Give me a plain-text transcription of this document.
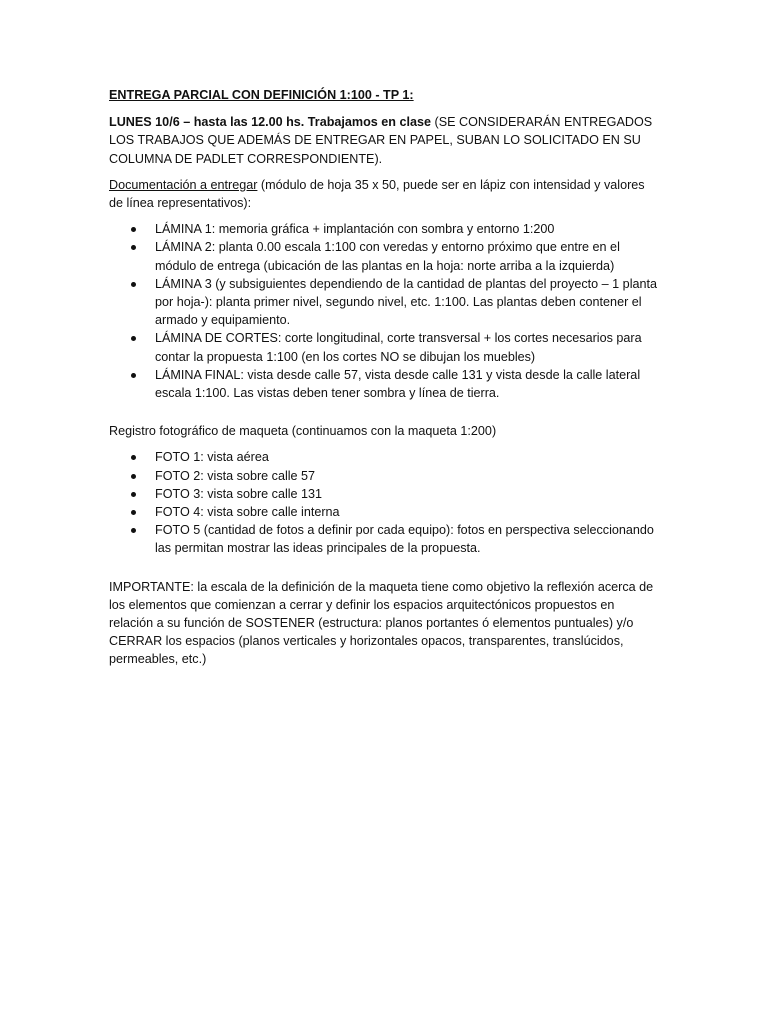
ENTREGA PARCIAL CON DEFINICIÓN 1:100 - TP 1:

LUNES 10/6 – hasta las 12.00 hs. Trabajamos en clase (SE CONSIDERARÁN ENTREGADOS LOS TRABAJOS QUE ADEMÁS DE ENTREGAR EN PAPEL, SUBAN LO SOLICITADO EN SU COLUMNA DE PADLET CORRESPONDIENTE).

Documentación a entregar (módulo de hoja 35 x 50, puede ser en lápiz con intensidad y valores de línea representativos):

LÁMINA 1: memoria gráfica + implantación con sombra y entorno 1:200
LÁMINA 2: planta 0.00 escala 1:100 con veredas y entorno próximo que entre en el módulo de entrega (ubicación de las plantas en la hoja: norte arriba a la izquierda)
LÁMINA 3 (y subsiguientes dependiendo de la cantidad de plantas del proyecto – 1 planta por hoja-): planta primer nivel, segundo nivel, etc. 1:100. Las plantas deben contener el armado y equipamiento.
LÁMINA DE CORTES: corte longitudinal, corte transversal + los cortes necesarios para contar la propuesta 1:100 (en los cortes NO se dibujan los muebles)
LÁMINA FINAL: vista desde calle 57, vista desde calle 131 y vista desde la calle lateral escala 1:100. Las vistas deben tener sombra y línea de tierra.

Registro fotográfico de maqueta (continuamos con la maqueta 1:200)

FOTO 1: vista aérea
FOTO 2: vista sobre calle 57
FOTO 3: vista sobre calle 131
FOTO 4: vista sobre calle interna
FOTO 5 (cantidad de fotos a definir por cada equipo): fotos en perspectiva seleccionando las permitan mostrar las ideas principales de la propuesta.

IMPORTANTE: la escala de la definición de la maqueta tiene como objetivo la reflexión acerca de los elementos que comienzan a cerrar y definir los espacios arquitectónicos propuestos en relación a su función de SOSTENER (estructura: planos portantes ó elementos puntuales) y/o CERRAR los espacios (planos verticales y horizontales opacos, transparentes, translúcidos, permeables, etc.)
